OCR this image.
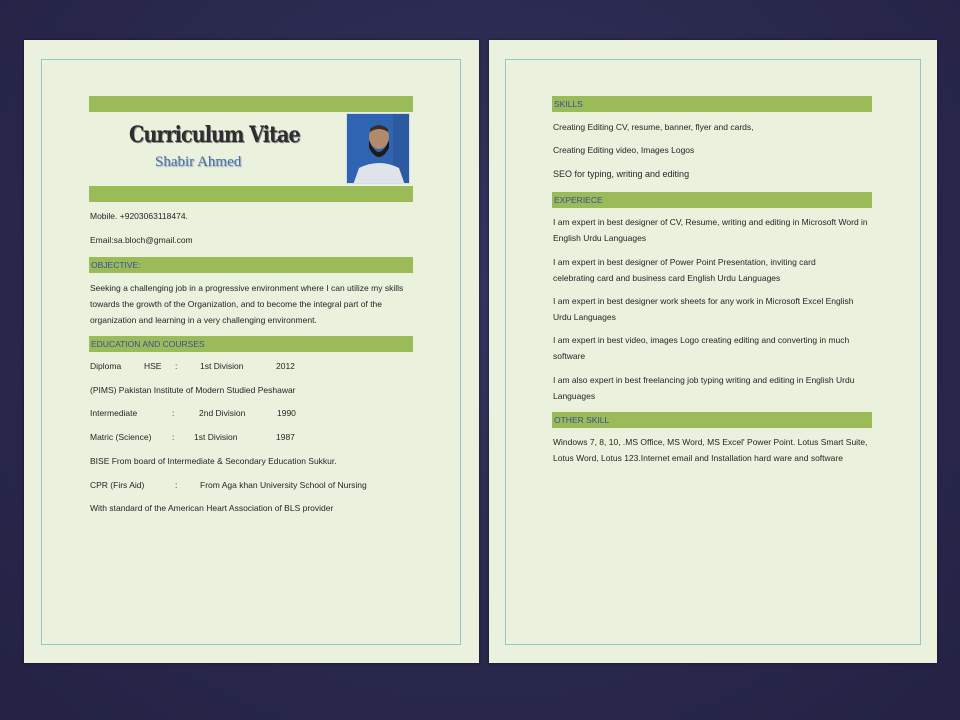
Curriculum Vitae
Shabir Ahmed
Mobile. +9203063118474.
Email:sa.bloch@gmail.com
OBJECTIVE:
Seeking a challenging job in a progressive environment where I can utilize my skills towards the growth of the Organization, and to become the integral part of the organization and learning in a very challenging environment.
EDUCATION AND COURSES
Diploma	HSE :	1st Division	2012
(PIMS) Pakistan Institute of Modern Studied Peshawar
Intermediate	:	2nd Division	1990
Matric (Science) : 1st Division	1987
BISE From board of Intermediate & Secondary Education Sukkur.
CPR (Firs Aid)	:	From Aga khan University School of Nursing
With standard of the American Heart Association of BLS provider
SKILLS
Creating Editing CV, resume, banner, flyer and cards,
Creating Editing video, Images Logos
SEO for typing, writing and editing
EXPERIECE
I am expert in best designer of CV, Resume, writing and editing in Microsoft Word in English Urdu Languages
I am expert in best designer of Power Point Presentation, inviting card celebrating card and business card English Urdu Languages
I am expert in best designer work sheets for any work in Microsoft Excel English Urdu Languages
I am expert in best video, images Logo creating editing and converting in much software
I am also expert in best freelancing job typing writing and editing in English Urdu Languages
OTHER SKILL
Windows 7, 8, 10, .MS Office, MS Word, MS Excel' Power Point. Lotus Smart Suite, Lotus Word, Lotus 123.Internet email and Installation hard ware and software
